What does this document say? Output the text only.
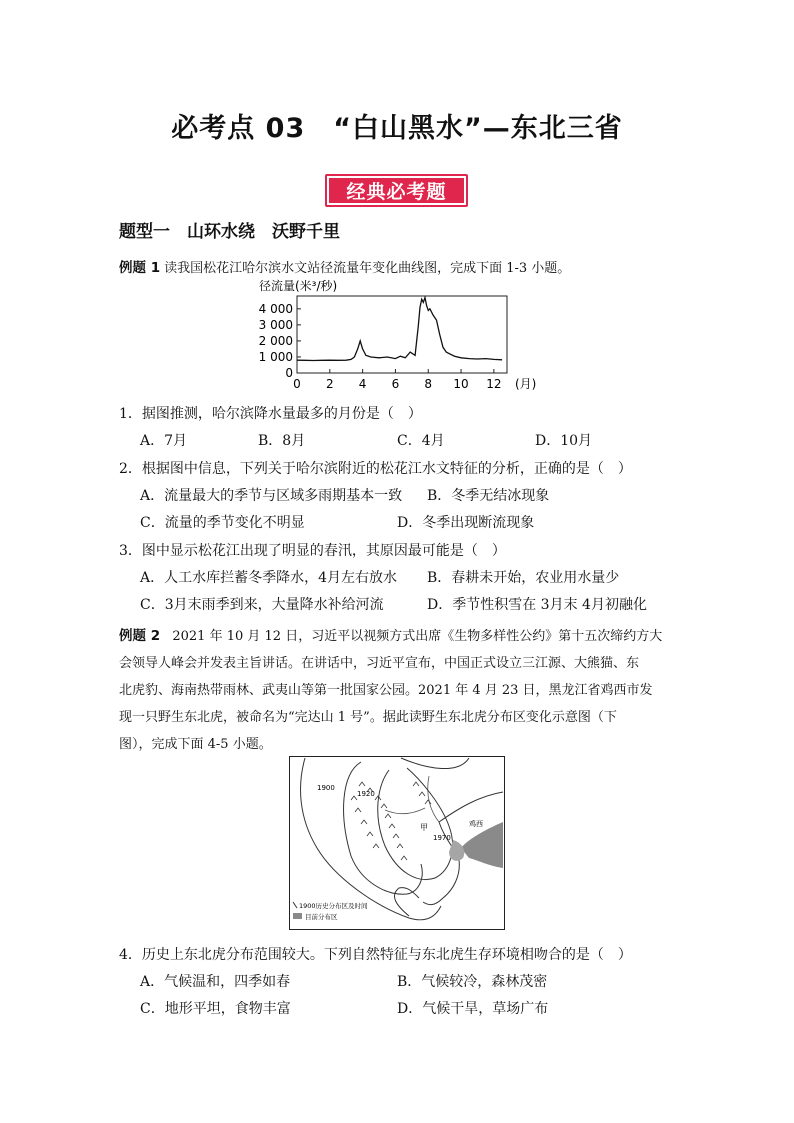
必考点 03　“白山黑水”—东北三省
经典必考题
题型一　山环水绕　沃野千里
例题 1 读我国松花江哈尔滨水文站径流量年变化曲线图，完成下面 1-3 小题。
径流量(米³/秒)
4 000
3 000
2 000
1 000
0
0 2 4 6 8 10 12 (月)
1．据图推测，哈尔滨降水量最多的月份是（　）
A．7月	B．8月	C．4月	D．10月
2．根据图中信息，下列关于哈尔滨附近的松花江水文特征的分析，正确的是（　）
A．流量最大的季节与区域多雨期基本一致 B．冬季无结冰现象
C．流量的季节变化不明显	D．冬季出现断流现象
3．图中显示松花江出现了明显的春汛，其原因最可能是（　）
A．人工水库拦蓄冬季降水，4月左右放水 B．春耕未开始，农业用水量少
C．3月末雨季到来，大量降水补给河流	D．季节性积雪在 3月末 4月初融化
例题 2 2021 年 10 月 12 日，习近平以视频方式出席《生物多样性公约》第十五次缔约方大
会领导人峰会并发表主旨讲话。在讲话中，习近平宣布，中国正式设立三江源、大熊猫、东
北虎豹、海南热带雨林、武夷山等第一批国家公园。2021 年 4 月 23 日，黑龙江省鸡西市发
现一只野生东北虎，被命名为“完达山 1 号”。据此读野生东北虎分布区变化示意图（下
图），完成下面 4-5 小题。
1900
1920
1970
甲	鸡西
1900历史分布区及时间
目前分布区
4．历史上东北虎分布范围较大。下列自然特征与东北虎生存环境相吻合的是（　）
A．气候温和，四季如春	B．气候较冷，森林茂密
C．地形平坦，食物丰富	D．气候干旱，草场广布
